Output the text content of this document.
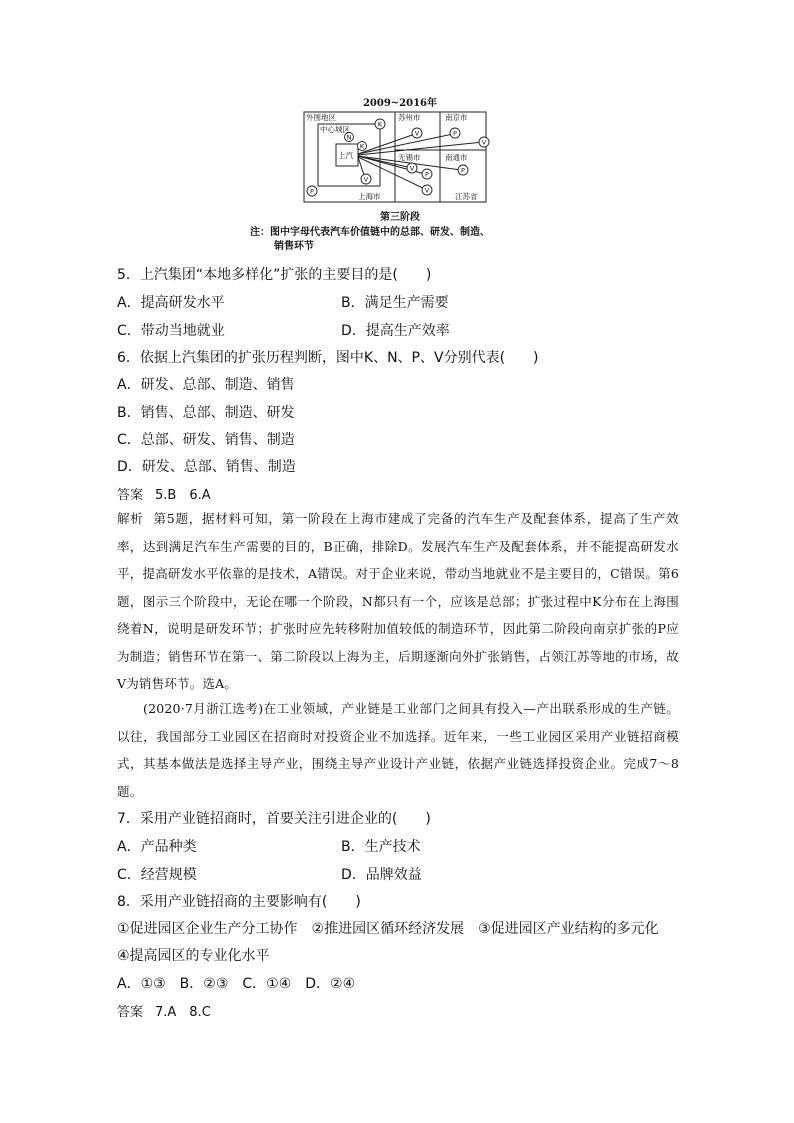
2009~2016年
K
N
K
V	P
V
V
P	P
V
P
V
外围地区
中心城区
上汽
上海市
苏州市	南京市
无锡市	南通市
江苏省
第三阶段
注：图中字母代表汽车价值链中的总部、研发、制造、
销售环节
5．上汽集团“本地多样化”扩张的主要目的是(　　)
A．提高研发水平	B．满足生产需要
C．带动当地就业	D．提高生产效率
6．依据上汽集团的扩张历程判断，图中K、N、P、V分别代表(　　)
A．研发、总部、制造、销售
B．销售、总部、制造、研发
C．总部、研发、销售、制造
D．研发、总部、销售、制造
答案 5.B　6.A
解析 第5题，据材料可知，第一阶段在上海市建成了完备的汽车生产及配套体系，提高了生产效率，达到满足汽车生产需要的目的，B正确，排除D。发展汽车生产及配套体系，并不能提高研发水平，提高研发水平依靠的是技术，A错误。对于企业来说，带动当地就业不是主要目的，C错误。第6题，图示三个阶段中，无论在哪一个阶段，N都只有一个，应该是总部；扩张过程中K分布在上海围绕着N，说明是研发环节；扩张时应先转移附加值较低的制造环节，因此第二阶段向南京扩张的P应为制造；销售环节在第一、第二阶段以上海为主，后期逐渐向外扩张销售，占领江苏等地的市场，故V为销售环节。选A。
(2020·7月浙江选考)在工业领域，产业链是工业部门之间具有投入—产出联系形成的生产链。以往，我国部分工业园区在招商时对投资企业不加选择。近年来，一些工业园区采用产业链招商模式，其基本做法是选择主导产业，围绕主导产业设计产业链，依据产业链选择投资企业。完成7～8题。
7．采用产业链招商时，首要关注引进企业的(　　)
A．产品种类	B．生产技术
C．经营规模	D．品牌效益
8．采用产业链招商的主要影响有(　　)
①促进园区企业生产分工协作　②推进园区循环经济发展　③促进园区产业结构的多元化
④提高园区的专业化水平
A．①③　B．②③　C．①④　D．②④
答案 7.A　8.C
